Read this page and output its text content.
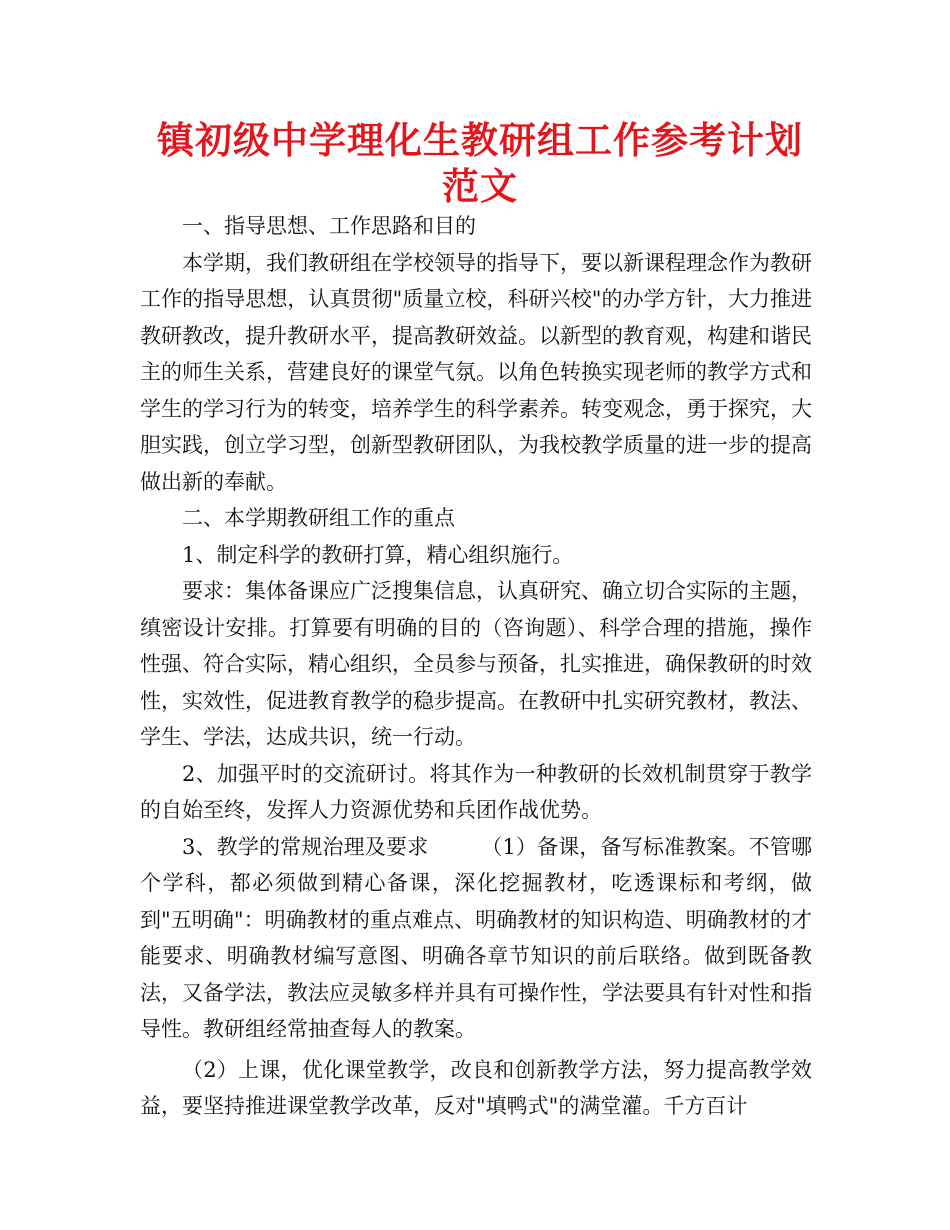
镇初级中学理化生教研组工作参考计划范文

一、指导思想、工作思路和目的

本学期，我们教研组在学校领导的指导下，要以新课程理念作为教研工作的指导思想，认真贯彻"质量立校，科研兴校"的办学方针，大力推进教研教改，提升教研水平，提高教研效益。以新型的教育观，构建和谐民主的师生关系，营建良好的课堂气氛。以角色转换实现老师的教学方式和学生的学习行为的转变，培养学生的科学素养。转变观念，勇于探究，大胆实践，创立学习型，创新型教研团队，为我校教学质量的进一步的提高做出新的奉献。

二、本学期教研组工作的重点

1、制定科学的教研打算，精心组织施行。

要求：集体备课应广泛搜集信息，认真研究、确立切合实际的主题，缜密设计安排。打算要有明确的目的（咨询题）、科学合理的措施，操作性强、符合实际，精心组织，全员参与预备，扎实推进，确保教研的时效性，实效性，促进教育教学的稳步提高。在教研中扎实研究教材，教法、学生、学法，达成共识，统一行动。

2、加强平时的交流研讨。将其作为一种教研的长效机制贯穿于教学的自始至终，发挥人力资源优势和兵团作战优势。

3、教学的常规治理及要求　　　（1）备课，备写标准教案。不管哪个学科，都必须做到精心备课，深化挖掘教材，吃透课标和考纲，做到"五明确"：明确教材的重点难点、明确教材的知识构造、明确教材的才能要求、明确教材编写意图、明确各章节知识的前后联络。做到既备教法，又备学法，教法应灵敏多样并具有可操作性，学法要具有针对性和指导性。教研组经常抽查每人的教案。

（2）上课，优化课堂教学，改良和创新教学方法，努力提高教学效益，要坚持推进课堂教学改革，反对"填鸭式"的满堂灌。千方百计
